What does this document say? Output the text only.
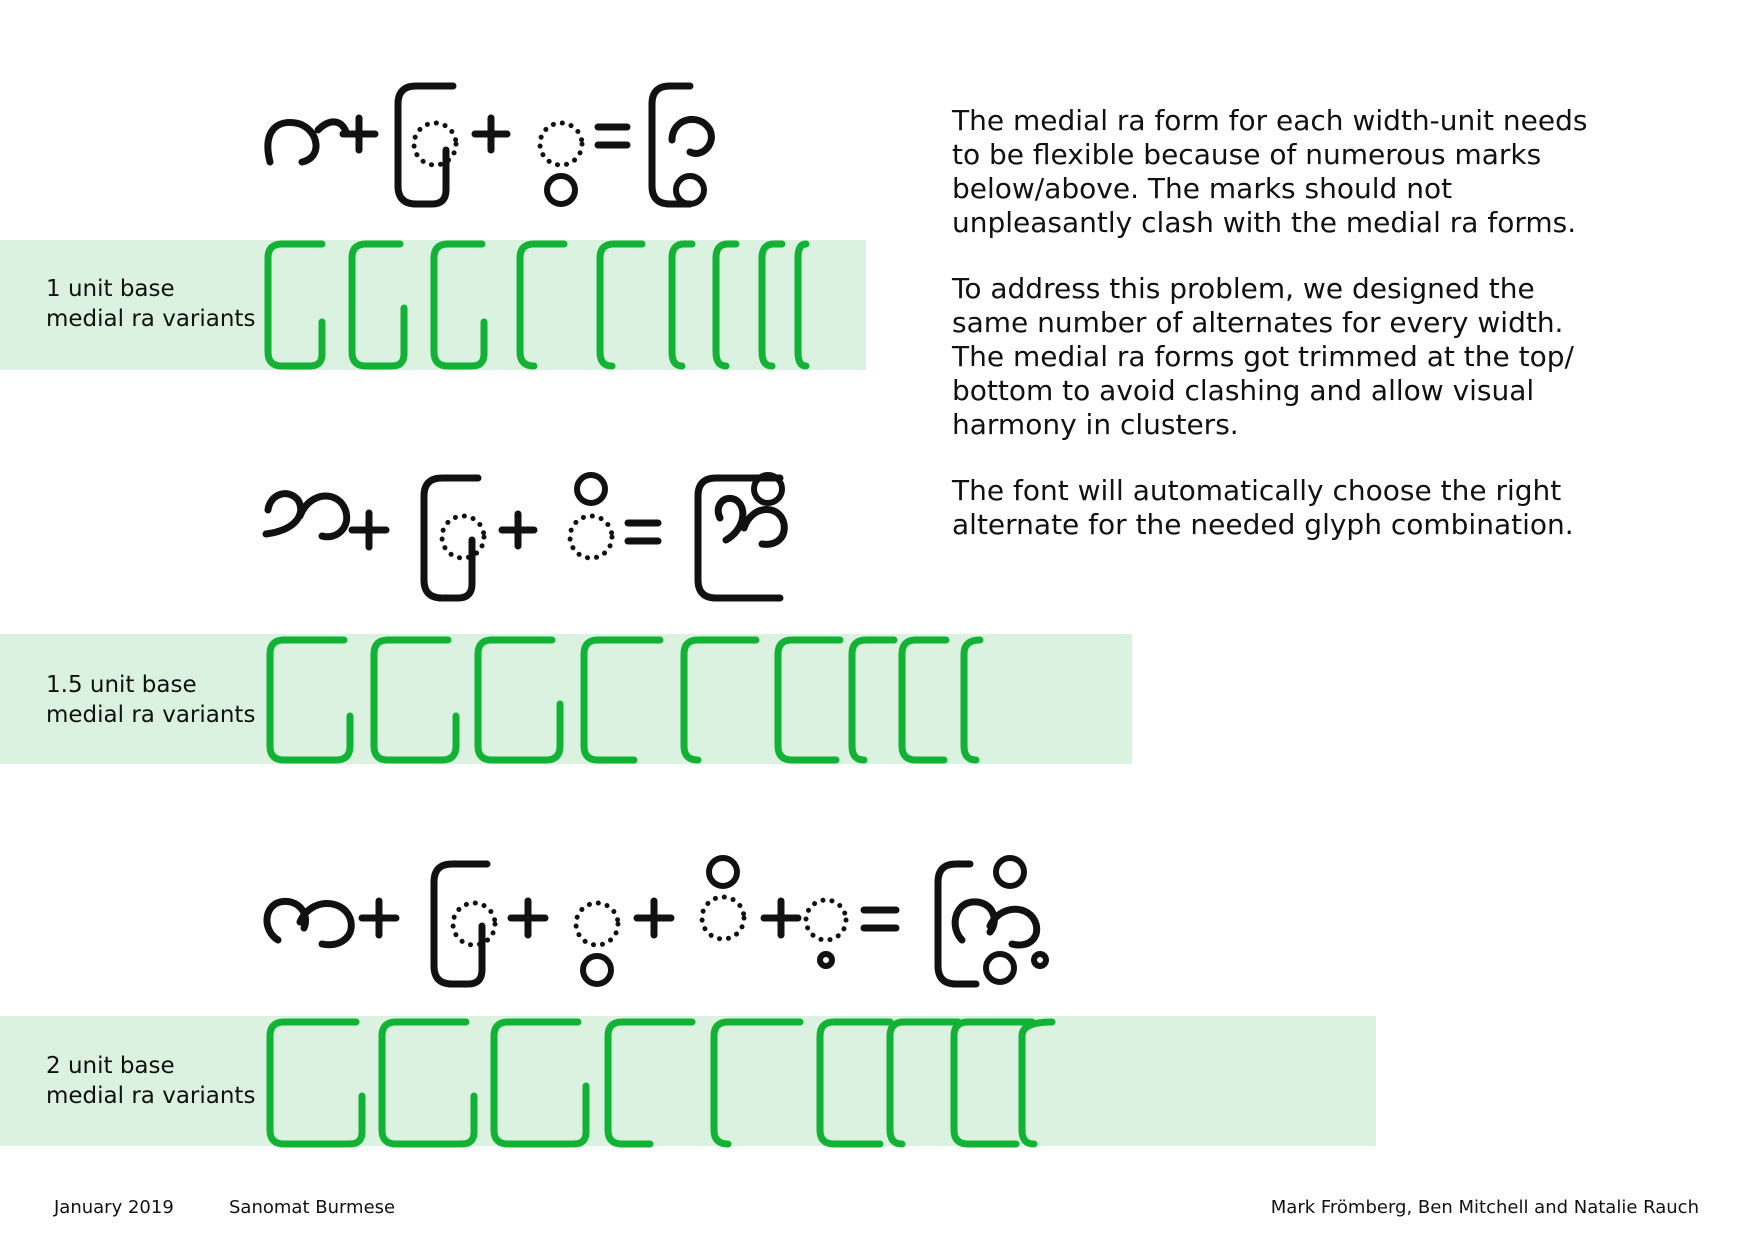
1 unit base
medial ra variants
1.5 unit base
medial ra variants
2 unit base
medial ra variants

The medial ra form for each width-unit needs to be flexible because of numerous marks below/above. The marks should not unpleasantly clash with the medial ra forms.

To address this problem, we designed the same number of alternates for every width. The medial ra forms got trimmed at the top/ bottom to avoid clashing and allow visual harmony in clusters.

The font will automatically choose the right alternate for the needed glyph combination.

January 2019	Sanomat Burmese	Mark Frömberg, Ben Mitchell and Natalie Rauch
